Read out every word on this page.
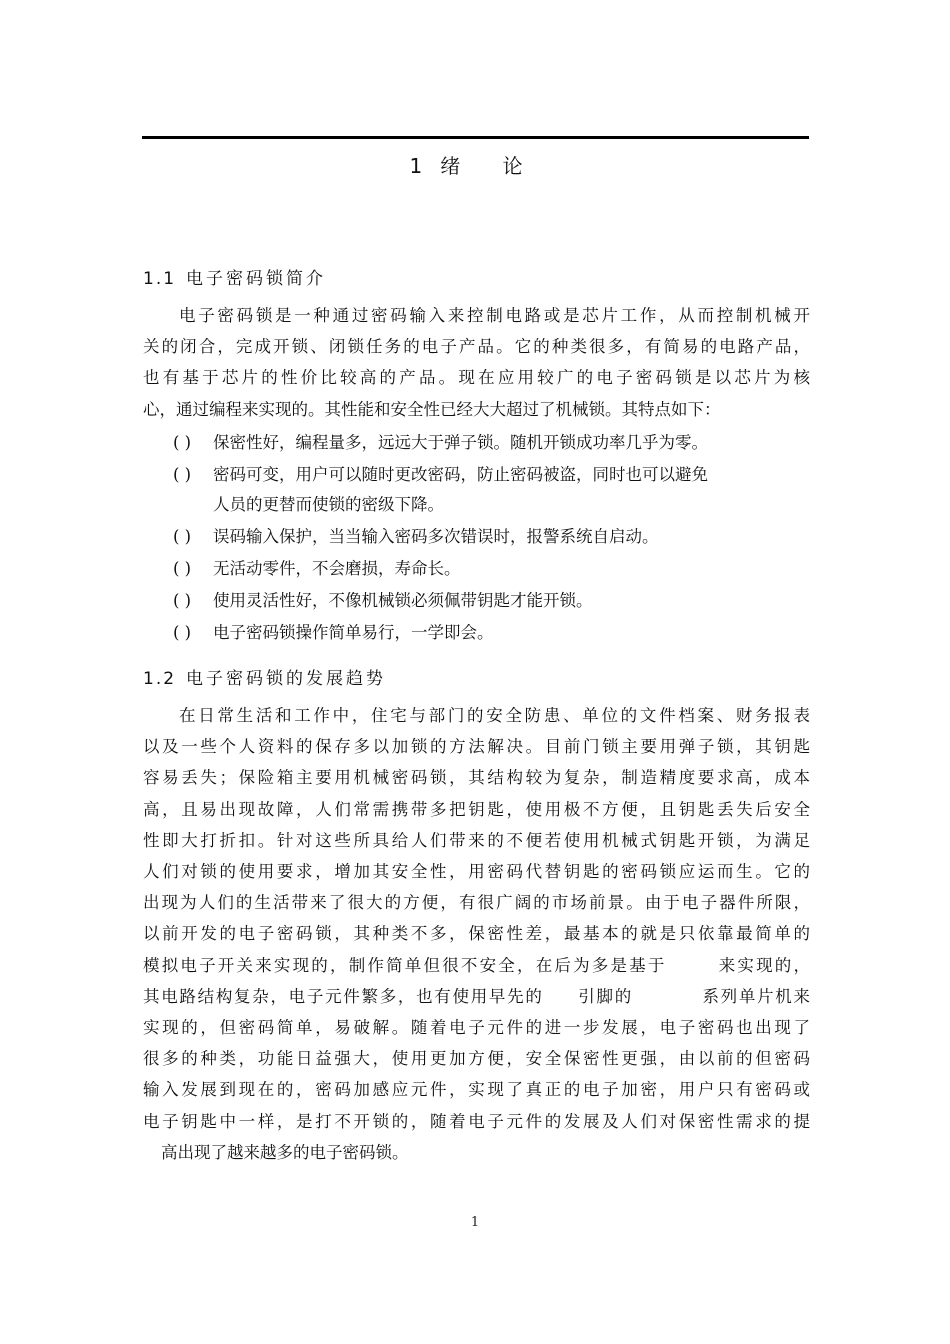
1绪 论
1.1 电子密码锁简介
电子密码锁是一种通过密码输入来控制电路或是芯片工作，从而控制机械开
关的闭合，完成开锁、闭锁任务的电子产品。它的种类很多，有简易的电路产品，
也有基于芯片的性价比较高的产品。现在应用较广的电子密码锁是以芯片为核
心，通过编程来实现的。其性能和安全性已经大大超过了机械锁。其特点如下：
( ) 保密性好，编程量多，远远大于弹子锁。随机开锁成功率几乎为零。
( ) 密码可变，用户可以随时更改密码，防止密码被盗，同时也可以避免
人员的更替而使锁的密级下降。
( ) 误码输入保护，当当输入密码多次错误时，报警系统自启动。
( ) 无活动零件，不会磨损，寿命长。
( ) 使用灵活性好，不像机械锁必须佩带钥匙才能开锁。
( ) 电子密码锁操作简单易行，一学即会。
1.2 电子密码锁的发展趋势
在日常生活和工作中，住宅与部门的安全防患、单位的文件档案、财务报表
以及一些个人资料的保存多以加锁的方法解决。目前门锁主要用弹子锁，其钥匙
容易丢失；保险箱主要用机械密码锁，其结构较为复杂，制造精度要求高，成本
高，且易出现故障，人们常需携带多把钥匙，使用极不方便，且钥匙丢失后安全
性即大打折扣。针对这些所具给人们带来的不便若使用机械式钥匙开锁，为满足
人们对锁的使用要求，增加其安全性，用密码代替钥匙的密码锁应运而生。它的
出现为人们的生活带来了很大的方便，有很广阔的市场前景。由于电子器件所限，
以前开发的电子密码锁，其种类不多，保密性差，最基本的就是只依靠最简单的
模拟电子开关来实现的，制作简单但很不安全，在后为多是基于       来实现的，
其电路结构复杂，电子元件繁多，也有使用早先的     引脚的          系列单片机来
实现的，但密码简单，易破解。随着电子元件的进一步发展，电子密码也出现了
很多的种类，功能日益强大，使用更加方便，安全保密性更强，由以前的但密码
输入发展到现在的，密码加感应元件，实现了真正的电子加密，用户只有密码或
电子钥匙中一样，是打不开锁的，随着电子元件的发展及人们对保密性需求的提
高出现了越来越多的电子密码锁。
1
